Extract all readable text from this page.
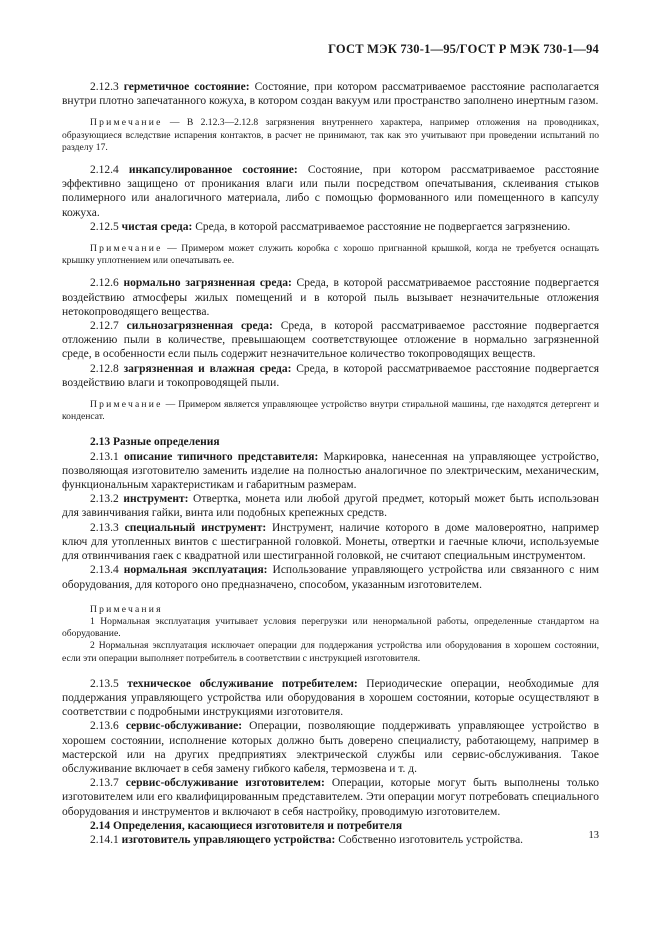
ГОСТ МЭК 730-1—95/ГОСТ Р МЭК 730-1—94

2.12.3 герметичное состояние: Состояние, при котором рассматриваемое расстояние располагается внутри плотно запечатанного кожуха, в котором создан вакуум или пространство заполнено инертным газом.

Примечание — В 2.12.3—2.12.8 загрязнения внутреннего характера, например отложения на проводниках, образующиеся вследствие испарения контактов, в расчет не принимают, так как это учитывают при проведении испытаний по разделу 17.

2.12.4 инкапсулированное состояние: Состояние, при котором рассматриваемое расстояние эффективно защищено от проникания влаги или пыли посредством опечатывания, склеивания стыков полимерного или аналогичного материала, либо с помощью формованного или помещенного в капсулу кожуха.

2.12.5 чистая среда: Среда, в которой рассматриваемое расстояние не подвергается загрязнению.

Примечание — Примером может служить коробка с хорошо пригнанной крышкой, когда не требуется оснащать крышку уплотнением или опечатывать ее.

2.12.6 нормально загрязненная среда: Среда, в которой рассматриваемое расстояние подвергается воздействию атмосферы жилых помещений и в которой пыль вызывает незначительные отложения нетокопроводящего вещества.

2.12.7 сильнозагрязненная среда: Среда, в которой рассматриваемое расстояние подвергается отложению пыли в количестве, превышающем соответствующее отложение в нормально загрязненной среде, в особенности если пыль содержит незначительное количество токопроводящих веществ.

2.12.8 загрязненная и влажная среда: Среда, в которой рассматриваемое расстояние подвергается воздействию влаги и токопроводящей пыли.

Примечание — Примером является управляющее устройство внутри стиральной машины, где находятся детергент и конденсат.

2.13 Разные определения

2.13.1 описание типичного представителя: Маркировка, нанесенная на управляющее устройство, позволяющая изготовителю заменить изделие на полностью аналогичное по электрическим, механическим, функциональным характеристикам и габаритным размерам.

2.13.2 инструмент: Отвертка, монета или любой другой предмет, который может быть использован для завинчивания гайки, винта или подобных крепежных средств.

2.13.3 специальный инструмент: Инструмент, наличие которого в доме маловероятно, например ключ для утопленных винтов с шестигранной головкой. Монеты, отвертки и гаечные ключи, используемые для отвинчивания гаек с квадратной или шестигранной головкой, не считают специальным инструментом.

2.13.4 нормальная эксплуатация: Использование управляющего устройства или связанного с ним оборудования, для которого оно предназначено, способом, указанным изготовителем.

Примечания
1 Нормальная эксплуатация учитывает условия перегрузки или ненормальной работы, определенные стандартом на оборудование.
2 Нормальная эксплуатация исключает операции для поддержания устройства или оборудования в хорошем состоянии, если эти операции выполняет потребитель в соответствии с инструкцией изготовителя.

2.13.5 техническое обслуживание потребителем: Периодические операции, необходимые для поддержания управляющего устройства или оборудования в хорошем состоянии, которые осуществляют в соответствии с подробными инструкциями изготовителя.

2.13.6 сервис-обслуживание: Операции, позволяющие поддерживать управляющее устройство в хорошем состоянии, исполнение которых должно быть доверено специалисту, работающему, например в мастерской или на других предприятиях электрической службы или сервис-обслуживания. Такое обслуживание включает в себя замену гибкого кабеля, термозвена и т. д.

2.13.7 сервис-обслуживание изготовителем: Операции, которые могут быть выполнены только изготовителем или его квалифицированным представителем. Эти операции могут потребовать специального оборудования и инструментов и включают в себя настройку, проводимую изготовителем.

2.14 Определения, касающиеся изготовителя и потребителя

2.14.1 изготовитель управляющего устройства: Собственно изготовитель устройства.	13
